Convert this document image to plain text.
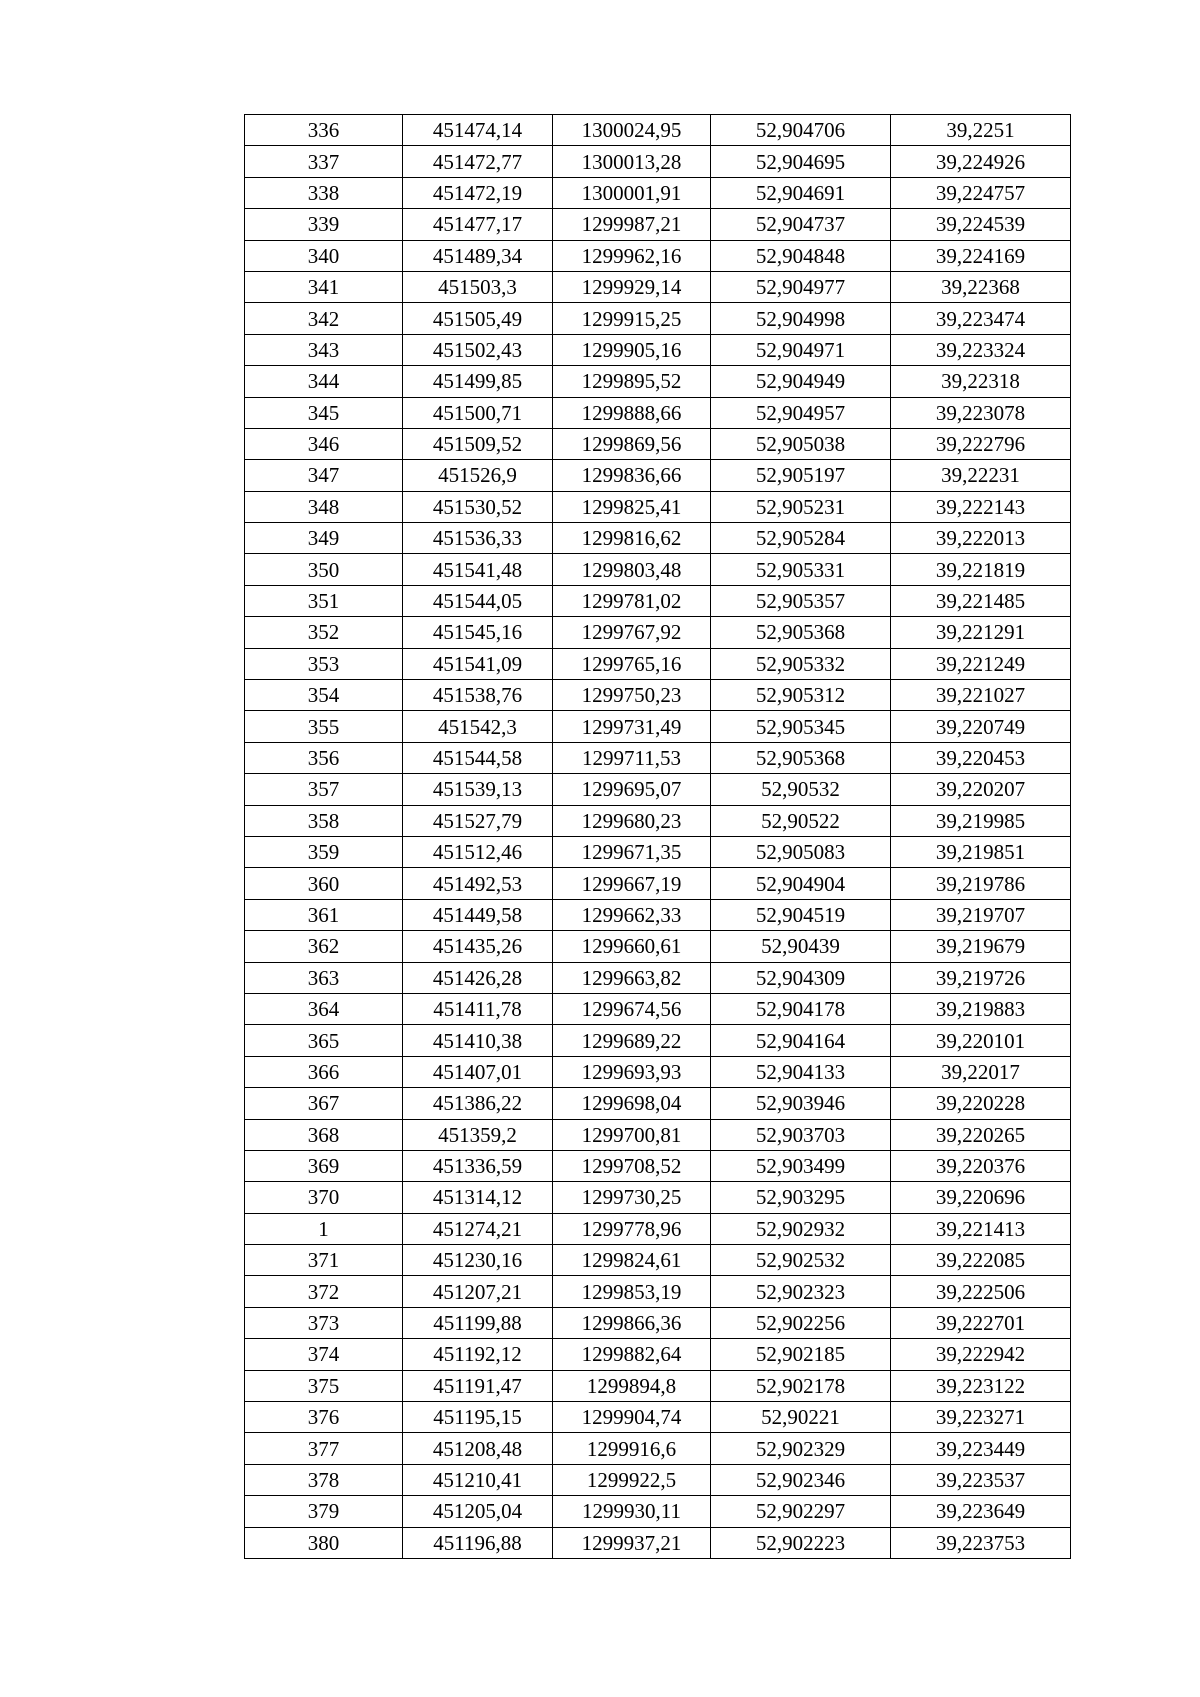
336	451474,14	1300024,95	52,904706	39,2251
337	451472,77	1300013,28	52,904695	39,224926
338	451472,19	1300001,91	52,904691	39,224757
339	451477,17	1299987,21	52,904737	39,224539
340	451489,34	1299962,16	52,904848	39,224169
341	451503,3	1299929,14	52,904977	39,22368
342	451505,49	1299915,25	52,904998	39,223474
343	451502,43	1299905,16	52,904971	39,223324
344	451499,85	1299895,52	52,904949	39,22318
345	451500,71	1299888,66	52,904957	39,223078
346	451509,52	1299869,56	52,905038	39,222796
347	451526,9	1299836,66	52,905197	39,22231
348	451530,52	1299825,41	52,905231	39,222143
349	451536,33	1299816,62	52,905284	39,222013
350	451541,48	1299803,48	52,905331	39,221819
351	451544,05	1299781,02	52,905357	39,221485
352	451545,16	1299767,92	52,905368	39,221291
353	451541,09	1299765,16	52,905332	39,221249
354	451538,76	1299750,23	52,905312	39,221027
355	451542,3	1299731,49	52,905345	39,220749
356	451544,58	1299711,53	52,905368	39,220453
357	451539,13	1299695,07	52,90532	39,220207
358	451527,79	1299680,23	52,90522	39,219985
359	451512,46	1299671,35	52,905083	39,219851
360	451492,53	1299667,19	52,904904	39,219786
361	451449,58	1299662,33	52,904519	39,219707
362	451435,26	1299660,61	52,90439	39,219679
363	451426,28	1299663,82	52,904309	39,219726
364	451411,78	1299674,56	52,904178	39,219883
365	451410,38	1299689,22	52,904164	39,220101
366	451407,01	1299693,93	52,904133	39,22017
367	451386,22	1299698,04	52,903946	39,220228
368	451359,2	1299700,81	52,903703	39,220265
369	451336,59	1299708,52	52,903499	39,220376
370	451314,12	1299730,25	52,903295	39,220696
1	451274,21	1299778,96	52,902932	39,221413
371	451230,16	1299824,61	52,902532	39,222085
372	451207,21	1299853,19	52,902323	39,222506
373	451199,88	1299866,36	52,902256	39,222701
374	451192,12	1299882,64	52,902185	39,222942
375	451191,47	1299894,8	52,902178	39,223122
376	451195,15	1299904,74	52,90221	39,223271
377	451208,48	1299916,6	52,902329	39,223449
378	451210,41	1299922,5	52,902346	39,223537
379	451205,04	1299930,11	52,902297	39,223649
380	451196,88	1299937,21	52,902223	39,223753
